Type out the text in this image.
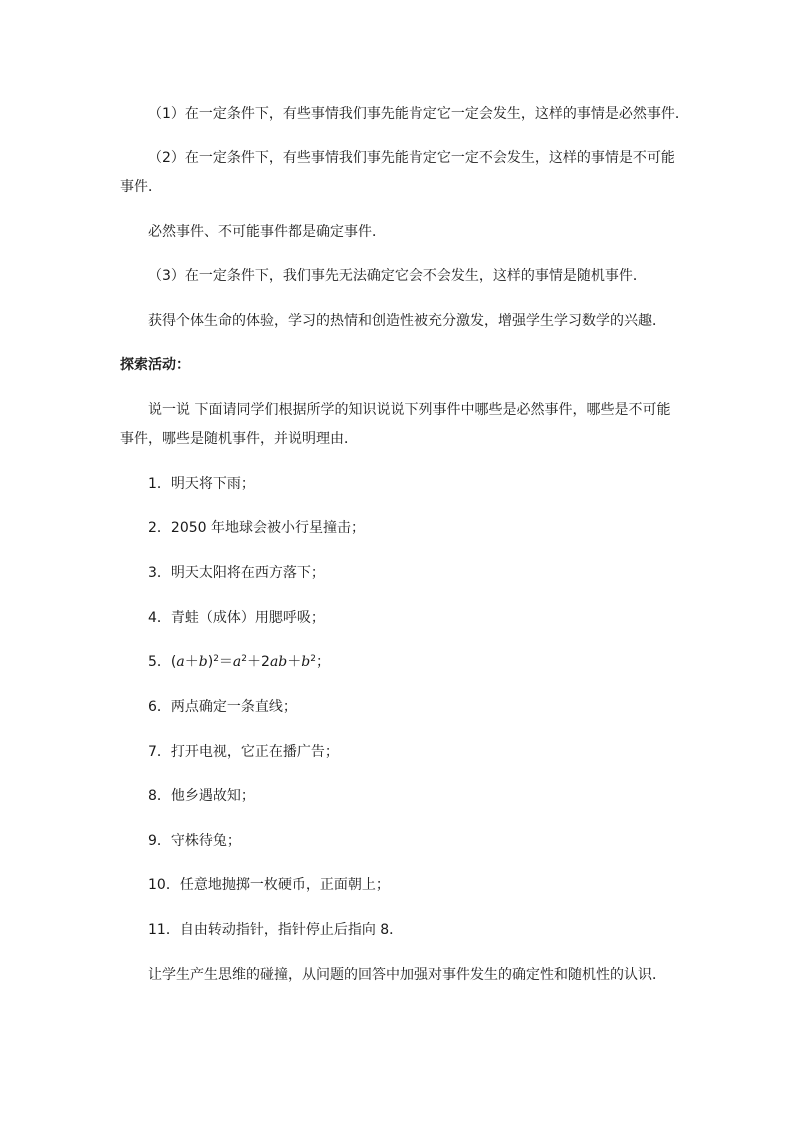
（1）在一定条件下，有些事情我们事先能肯定它一定会发生，这样的事情是必然事件．

（2）在一定条件下，有些事情我们事先能肯定它一定不会发生，这样的事情是不可能

事件．

必然事件、不可能事件都是确定事件．

（3）在一定条件下，我们事先无法确定它会不会发生，这样的事情是随机事件．

获得个体生命的体验，学习的热情和创造性被充分激发，增强学生学习数学的兴趣．

探索活动：

说一说 下面请同学们根据所学的知识说说下列事件中哪些是必然事件，哪些是不可能

事件，哪些是随机事件，并说明理由．

1．明天将下雨；

2．2050 年地球会被小行星撞击；

3．明天太阳将在西方落下；

4．青蛙（成体）用腮呼吸；

5．$(a+b)^2=a^2+2ab+b^2$；

6．两点确定一条直线；

7．打开电视，它正在播广告；

8．他乡遇故知；

9．守株待兔；

10．任意地抛掷一枚硬币，正面朝上；

11．自由转动指针，指针停止后指向 8．

让学生产生思维的碰撞，从问题的回答中加强对事件发生的确定性和随机性的认识．
